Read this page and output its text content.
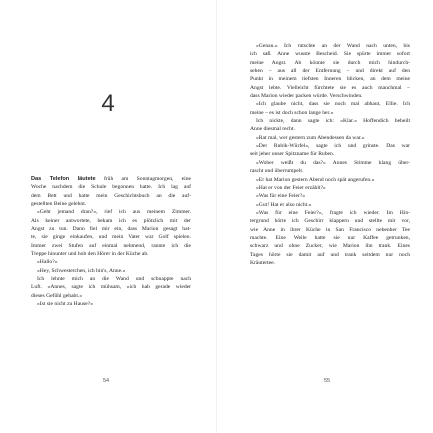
4
Das Telefon läutete früh am Sonntagmorgen, eine
Woche nachdem die Schule begonnen hatte. Ich lag auf
dem Bett und hatte mein Geschichtsbuch an die auf-
gestellten Beine gelehnt.
»Geht jemand dran?«, rief ich aus meinem Zimmer.
Als keiner antwortete, bekam ich es plötzlich mit der
Angst zu tun. Dann fiel mir ein, dass Marion gesagt hat-
te, sie ginge einkaufen, und mein Vater war Golf spielen.
Immer zwei Stufen auf einmal nehmend, rannte ich die
Treppe hinunter und hob den Hörer in der Küche ab.
»Hallo?«
»Hey, Schwesterchen, ich bin's, Anne.«
Ich lehnte mich an die Wand und schnappte nach
Luft. »Annes, sagte ich mühsam, »ich hab gerade wieder
dieses Gefühl gehabt.«
»Ist sie nicht zu Hause?«
54
»Genau.« Ich rutschte an der Wand nach unten, bis
ich saß. Anne wusste Bescheid. Sie spürte immer sofort
meine Angst. Ab könnte sie durch mich hindurch-
sehen – aus all der Entfernung – und direkt auf den
Punkt in meinem tiefsten Inneren blicken, an dem meine
Angst lebte. Vielleicht fürchtete sie es auch manchmal –
dass Marion wieder packen würde. Verschwinden.
»Ich glaube nicht, dass sie noch mal abhaut, Ellie. Ich
meine – es ist doch schon lange her.«
Ich nickte, dann sagte ich: »Klar.« Hoffendich beheilt
Anne diesmal recht.
»Rat mal, wer gestern zum Abendessen da war.«
»Der Rubik-Würfel«, sagte ich und grinste. Das war
seit jeher unser Spitzname für Ruben.
»Woher weißt du das?« Annes Stimme klang über-
rascht und überrumpelt.
»Er hat Marion gestern Abend noch spät angerufen.«
»Hat er von der Feier erzählt?«
»Was für eine Feier?«
»Gut! Hat er also nicht.«
»Was für eine Feier?«, fragte ich wieder. Im Hin-
tergrund hörte ich Geschirr klappern und stellte mir vor,
wie Anne in ihrer Küche in San Francisco nebenher Tee
machte. Eine Weile hatte sie nur Kaffee getrunken,
schwarz und ohne Zucker, wie Marion ihn trank. Eines
Tages hörte sie damit auf und trank seitdem nur noch
Kräutertee.
55
